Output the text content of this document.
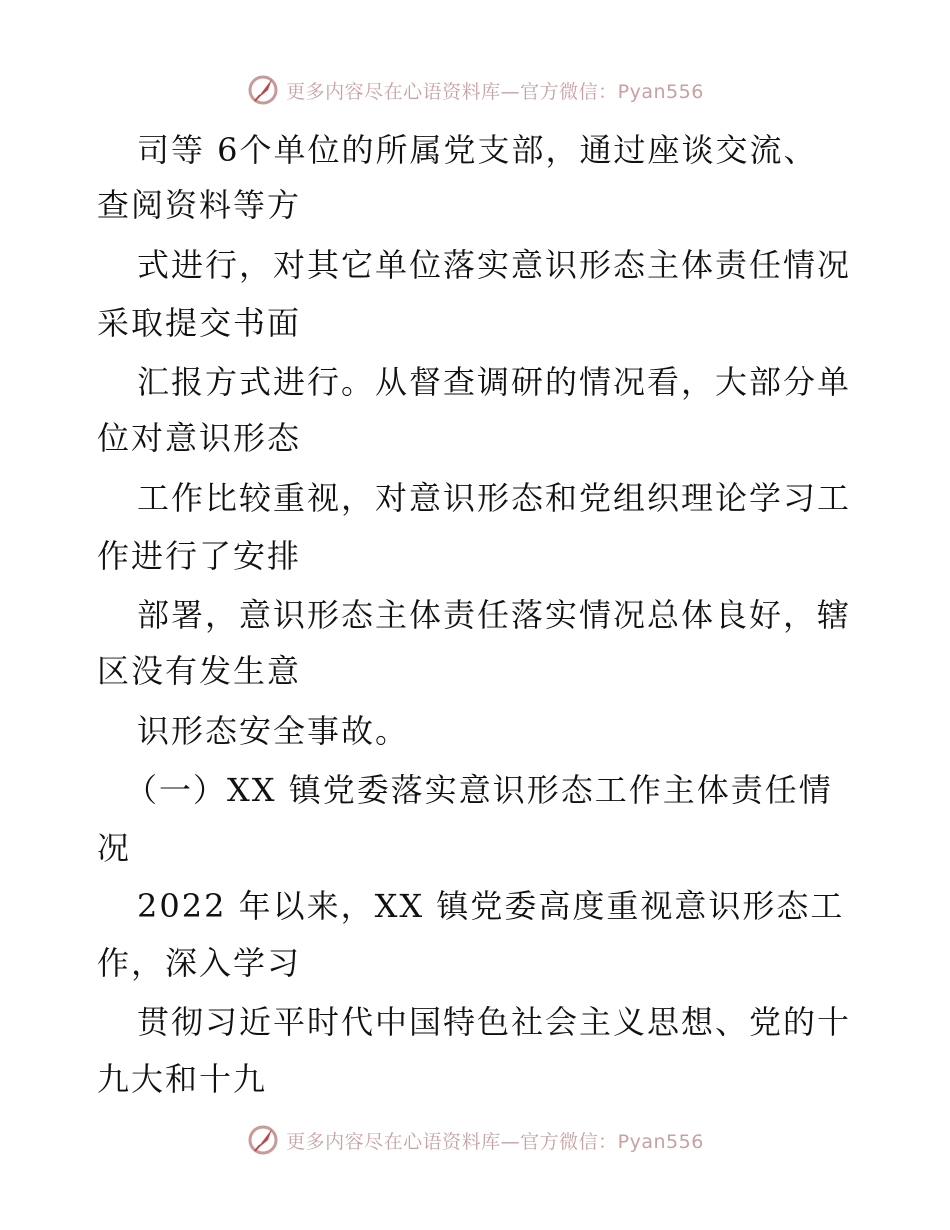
更多内容尽在心语资料库—官方微信：Pyan556
司等 6个单位的所属党支部，通过座谈交流、
查阅资料等方
式进行，对其它单位落实意识形态主体责任情况
采取提交书面
汇报方式进行。从督查调研的情况看，大部分单
位对意识形态
工作比较重视，对意识形态和党组织理论学习工
作进行了安排
部署，意识形态主体责任落实情况总体良好，辖
区没有发生意
识形态安全事故。
（一）XX 镇党委落实意识形态工作主体责任情
况
2022 年以来，XX 镇党委高度重视意识形态工
作，深入学习
贯彻习近平时代中国特色社会主义思想、党的十
九大和十九
更多内容尽在心语资料库—官方微信：Pyan556
